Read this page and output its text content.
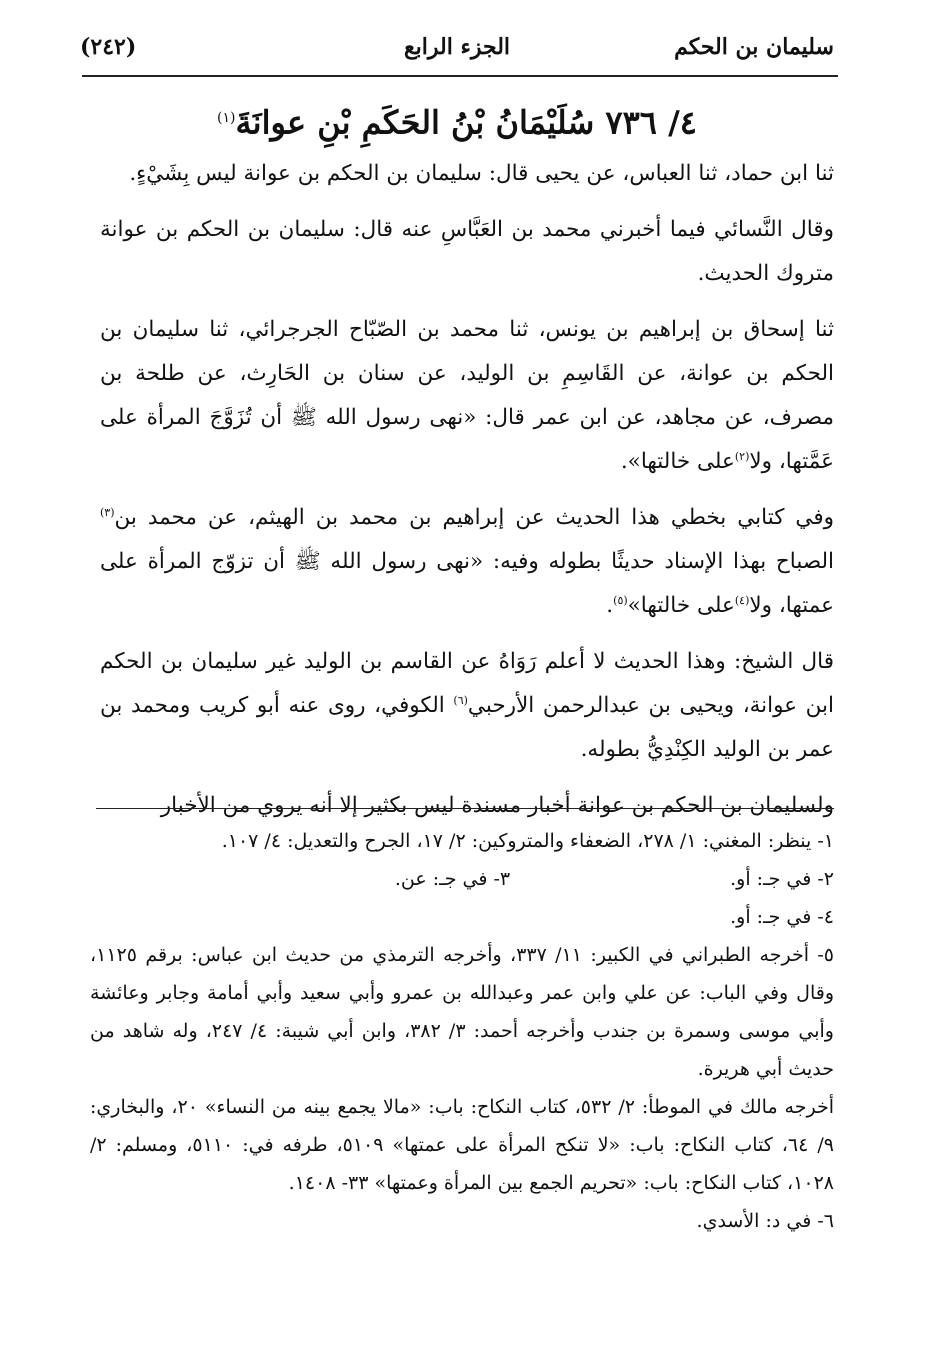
(٢٤٢)	الجزء الرابع	سليمان بن الحكم
٤/ ٧٣٦ سُلَيْمَانُ بْنُ الحَكَمِ بْنِ عوانَةَ$^{(١)}$

ثنا ابن حماد، ثنا العباس، عن يحيى قال: سليمان بن الحكم بن عوانة ليس بِشَيْءٍ.

وقال النَّسائي فيما أخبرني محمد بن العَبَّاسِ عنه قال: سليمان بن الحكم بن عوانة متروك الحديث.

ثنا إسحاق بن إبراهيم بن يونس، ثنا محمد بن الصّبّاح الجرجرائي، ثنا سليمان بن الحكم بن عوانة، عن القَاسِمِ بن الوليد، عن سنان بن الحَارِث، عن طلحة بن مصرف، عن مجاهد، عن ابن عمر قال: «نهى رسول الله ﷺ أن تُزَوَّجَ المرأة على عَمَّتها، ولا$^{(٢)}$على خالتها».

وفي كتابي بخطي هذا الحديث عن إبراهيم بن محمد بن الهيثم، عن محمد بن$^{(٣)}$ الصباح بهذا الإسناد حديثًا بطوله وفيه: «نهى رسول الله ﷺ أن تزوّج المرأة على عمتها، ولا$^{(٤)}$على خالتها»$^{(٥)}$.

قال الشيخ: وهذا الحديث لا أعلم رَوَاهُ عن القاسم بن الوليد غير سليمان بن الحكم ابن عوانة، ويحيى بن عبدالرحمن الأرحبي$^{(٦)}$ الكوفي، روى عنه أبو كريب ومحمد بن عمر بن الوليد الكِنْدِيُّ بطوله.

ولسليمان بن الحكم بن عوانة أخبار مسندة ليس بكثير إلا أنه يروي من الأخبار

١- ينظر: المغني: ١/ ٢٧٨، الضعفاء والمتروكين: ٢/ ١٧، الجرح والتعديل: ٤/ ١٠٧.

٢- في جـ: أو.

٣- في جـ: عن.

٤- في جـ: أو.

٥- أخرجه الطبراني في الكبير: ١١/ ٣٣٧، وأخرجه الترمذي من حديث ابن عباس: برقم ١١٢٥، وقال وفي الباب: عن علي وابن عمر وعبدالله بن عمرو وأبي سعيد وأبي أمامة وجابر وعائشة وأبي موسى وسمرة بن جندب وأخرجه أحمد: ٣/ ٣٨٢، وابن أبي شيبة: ٤/ ٢٤٧، وله شاهد من حديث أبي هريرة.

أخرجه مالك في الموطأ: ٢/ ٥٣٢، كتاب النكاح: باب: «مالا يجمع بينه من النساء» ٢٠، والبخاري: ٩/ ٦٤، كتاب النكاح: باب: «لا تنكح المرأة على عمتها» ٥١٠٩، طرفه في: ٥١١٠، ومسلم: ٢/ ١٠٢٨، كتاب النكاح: باب: «تحريم الجمع بين المرأة وعمتها» ٣٣- ١٤٠٨.

٦- في د: الأسدي.
